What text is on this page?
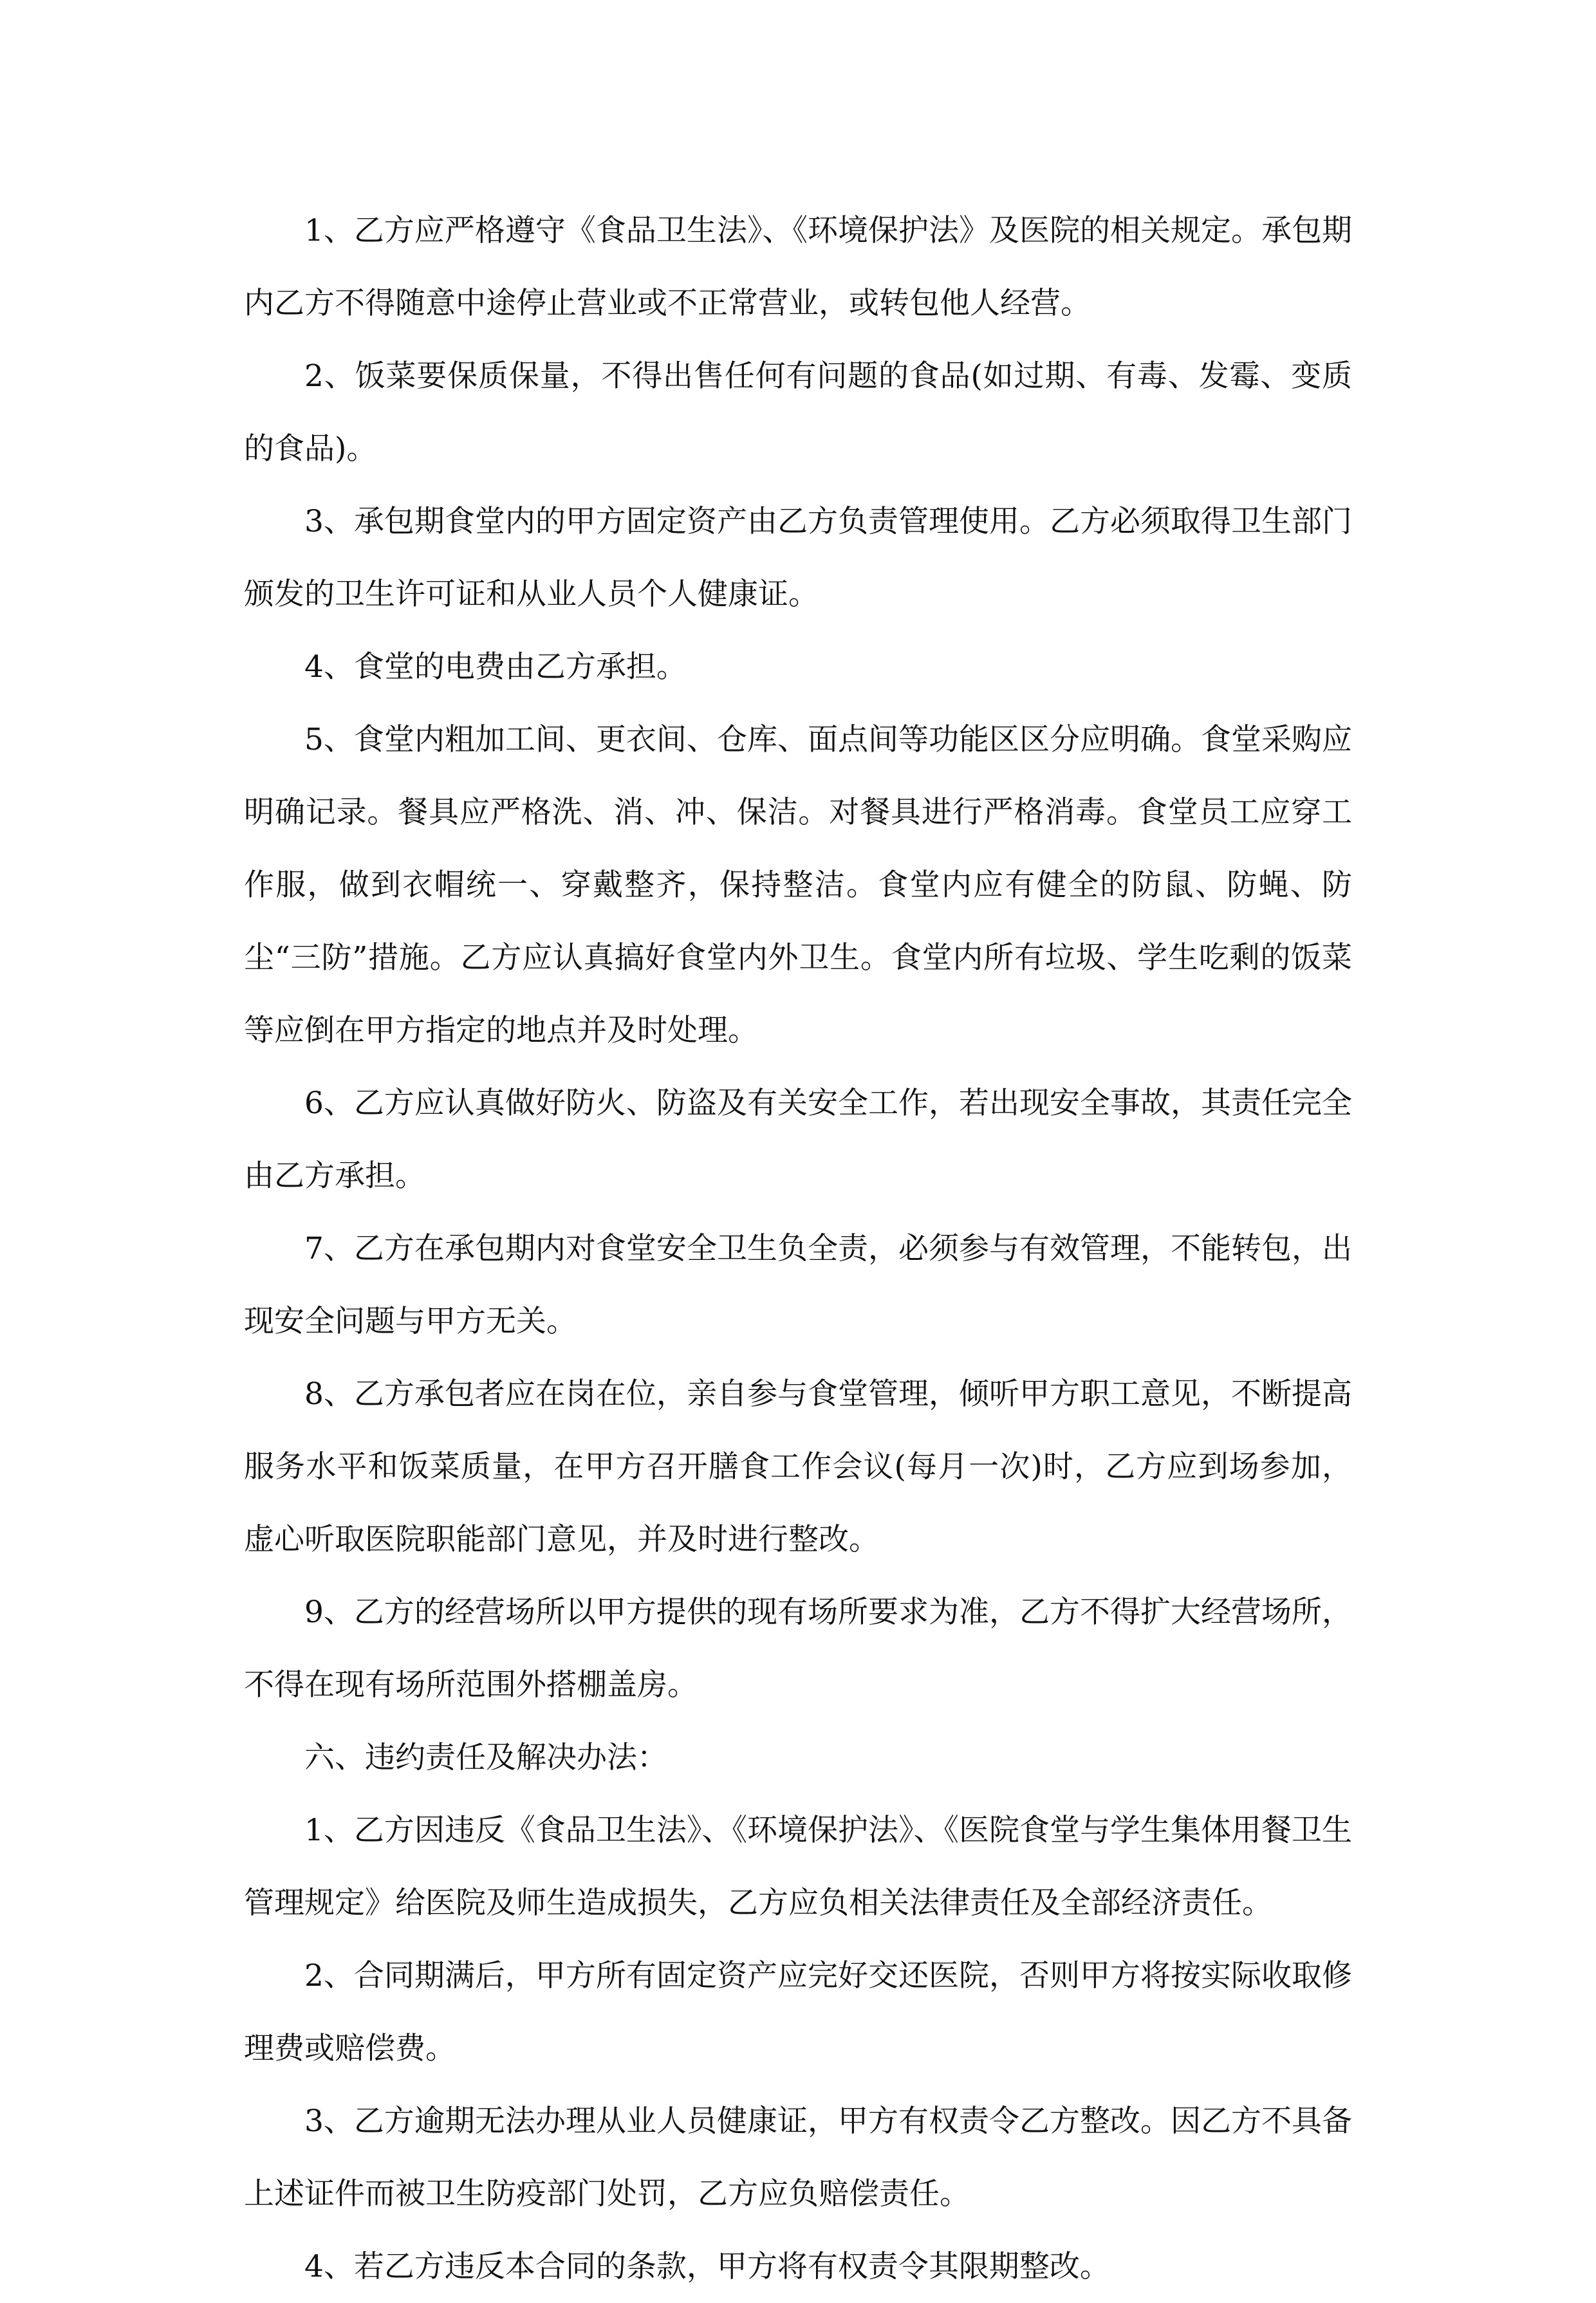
1、乙方应严格遵守《食品卫生法》、《环境保护法》及医院的相关规定。承包期内乙方不得随意中途停止营业或不正常营业，或转包他人经营。

2、饭菜要保质保量，不得出售任何有问题的食品(如过期、有毒、发霉、变质的食品)。

3、承包期食堂内的甲方固定资产由乙方负责管理使用。乙方必须取得卫生部门颁发的卫生许可证和从业人员个人健康证。

4、食堂的电费由乙方承担。

5、食堂内粗加工间、更衣间、仓库、面点间等功能区区分应明确。食堂采购应明确记录。餐具应严格洗、消、冲、保洁。对餐具进行严格消毒。食堂员工应穿工作服，做到衣帽统一、穿戴整齐，保持整洁。食堂内应有健全的防鼠、防蝇、防尘“三防”措施。乙方应认真搞好食堂内外卫生。食堂内所有垃圾、学生吃剩的饭菜等应倒在甲方指定的地点并及时处理。

6、乙方应认真做好防火、防盗及有关安全工作，若出现安全事故，其责任完全由乙方承担。

7、乙方在承包期内对食堂安全卫生负全责，必须参与有效管理，不能转包，出现安全问题与甲方无关。

8、乙方承包者应在岗在位，亲自参与食堂管理，倾听甲方职工意见，不断提高服务水平和饭菜质量，在甲方召开膳食工作会议(每月一次)时，乙方应到场参加，虚心听取医院职能部门意见，并及时进行整改。

9、乙方的经营场所以甲方提供的现有场所要求为准，乙方不得扩大经营场所，不得在现有场所范围外搭棚盖房。

六、违约责任及解决办法：

1、乙方因违反《食品卫生法》、《环境保护法》、《医院食堂与学生集体用餐卫生管理规定》给医院及师生造成损失，乙方应负相关法律责任及全部经济责任。

2、合同期满后，甲方所有固定资产应完好交还医院，否则甲方将按实际收取修理费或赔偿费。

3、乙方逾期无法办理从业人员健康证，甲方有权责令乙方整改。因乙方不具备上述证件而被卫生防疫部门处罚，乙方应负赔偿责任。

4、若乙方违反本合同的条款，甲方将有权责令其限期整改。
